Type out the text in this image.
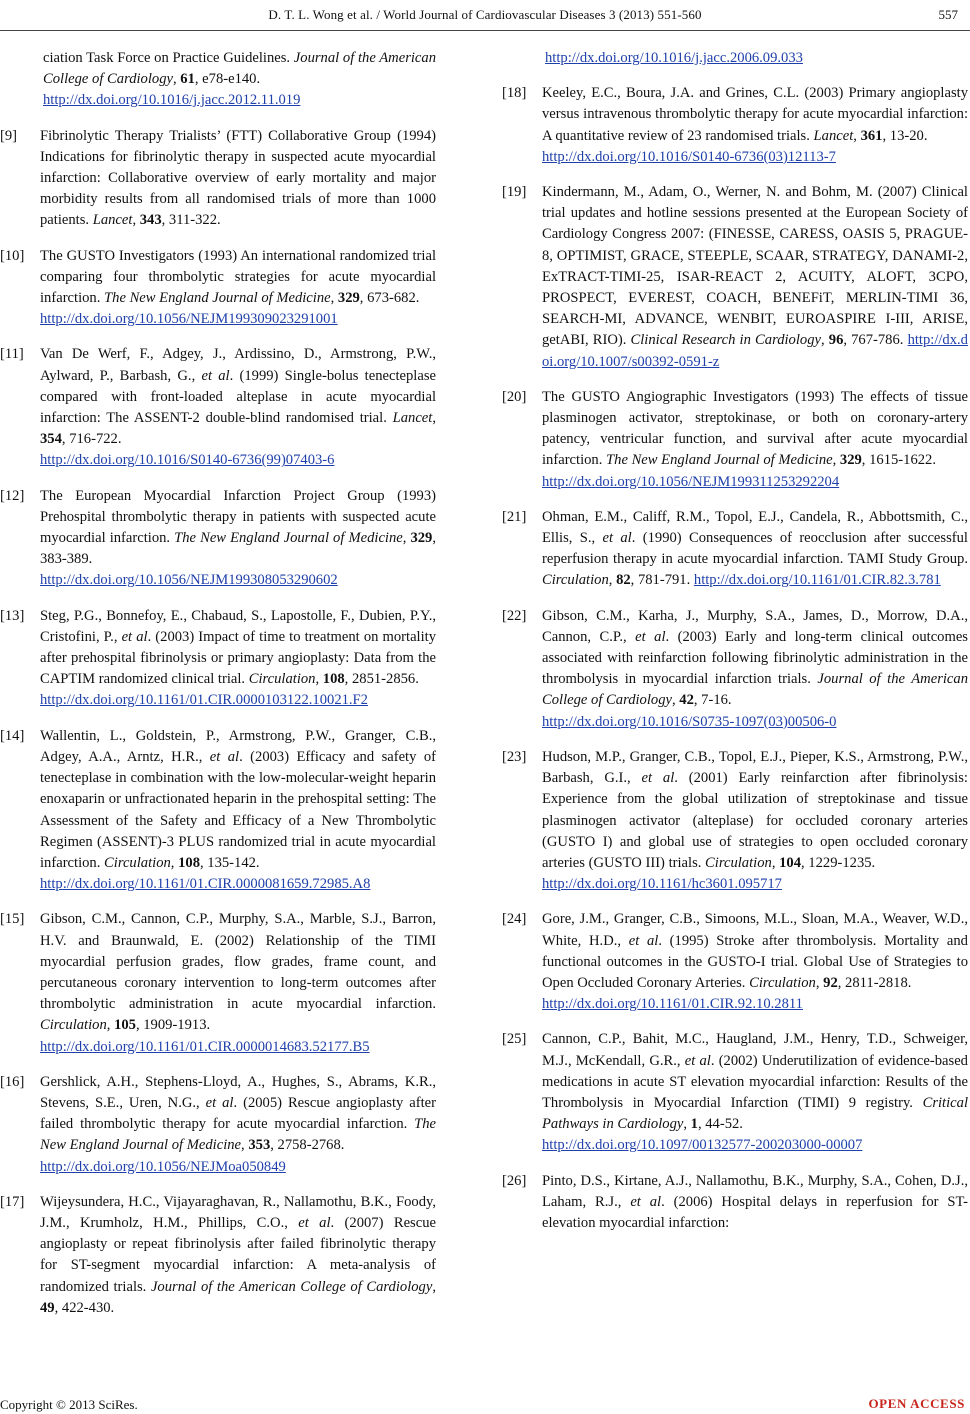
D. T. L. Wong et al. / World Journal of Cardiovascular Diseases 3 (2013) 551-560	557
ciation Task Force on Practice Guidelines. Journal of the American College of Cardiology, 61, e78-e140.
http://dx.doi.org/10.1016/j.jacc.2012.11.019
[9] Fibrinolytic Therapy Trialists’ (FTT) Collaborative Group (1994) Indications for fibrinolytic therapy in suspected acute myocardial infarction: Collaborative overview of early mortality and major morbidity results from all randomised trials of more than 1000 patients. Lancet, 343, 311-322.
[10] The GUSTO Investigators (1993) An international randomized trial comparing four thrombolytic strategies for acute myocardial infarction. The New England Journal of Medicine, 329, 673-682.
http://dx.doi.org/10.1056/NEJM199309023291001
[11] Van De Werf, F., Adgey, J., Ardissino, D., Armstrong, P.W., Aylward, P., Barbash, G., et al. (1999) Single-bolus tenecteplase compared with front-loaded alteplase in acute myocardial infarction: The ASSENT-2 double-blind randomised trial. Lancet, 354, 716-722.
http://dx.doi.org/10.1016/S0140-6736(99)07403-6
[12] The European Myocardial Infarction Project Group (1993) Prehospital thrombolytic therapy in patients with suspected acute myocardial infarction. The New England Journal of Medicine, 329, 383-389.
http://dx.doi.org/10.1056/NEJM199308053290602
[13] Steg, P.G., Bonnefoy, E., Chabaud, S., Lapostolle, F., Dubien, P.Y., Cristofini, P., et al. (2003) Impact of time to treatment on mortality after prehospital fibrinolysis or primary angioplasty: Data from the CAPTIM randomized clinical trial. Circulation, 108, 2851-2856.
http://dx.doi.org/10.1161/01.CIR.0000103122.10021.F2
[14] Wallentin, L., Goldstein, P., Armstrong, P.W., Granger, C.B., Adgey, A.A., Arntz, H.R., et al. (2003) Efficacy and safety of tenecteplase in combination with the low-molecular-weight heparin enoxaparin or unfractionated heparin in the prehospital setting: The Assessment of the Safety and Efficacy of a New Thrombolytic Regimen (ASSENT)-3 PLUS randomized trial in acute myocardial infarction. Circulation, 108, 135-142.
http://dx.doi.org/10.1161/01.CIR.0000081659.72985.A8
[15] Gibson, C.M., Cannon, C.P., Murphy, S.A., Marble, S.J., Barron, H.V. and Braunwald, E. (2002) Relationship of the TIMI myocardial perfusion grades, flow grades, frame count, and percutaneous coronary intervention to long-term outcomes after thrombolytic administration in acute myocardial infarction. Circulation, 105, 1909-1913.
http://dx.doi.org/10.1161/01.CIR.0000014683.52177.B5
[16] Gershlick, A.H., Stephens-Lloyd, A., Hughes, S., Abrams, K.R., Stevens, S.E., Uren, N.G., et al. (2005) Rescue angioplasty after failed thrombolytic therapy for acute myocardial infarction. The New England Journal of Medicine, 353, 2758-2768.
http://dx.doi.org/10.1056/NEJMoa050849
[17] Wijeysundera, H.C., Vijayaraghavan, R., Nallamothu, B.K., Foody, J.M., Krumholz, H.M., Phillips, C.O., et al. (2007) Rescue angioplasty or repeat fibrinolysis after failed fibrinolytic therapy for ST-segment myocardial infarction: A meta-analysis of randomized trials. Journal of the American College of Cardiology, 49, 422-430.
http://dx.doi.org/10.1016/j.jacc.2006.09.033
[18] Keeley, E.C., Boura, J.A. and Grines, C.L. (2003) Primary angioplasty versus intravenous thrombolytic therapy for acute myocardial infarction: A quantitative review of 23 randomised trials. Lancet, 361, 13-20.
http://dx.doi.org/10.1016/S0140-6736(03)12113-7
[19] Kindermann, M., Adam, O., Werner, N. and Bohm, M. (2007) Clinical trial updates and hotline sessions presented at the European Society of Cardiology Congress 2007: (FINESSE, CARESS, OASIS 5, PRAGUE-8, OPTIMIST, GRACE, STEEPLE, SCAAR, STRATEGY, DANAMI-2, ExTRACT-TIMI-25, ISAR-REACT 2, ACUITY, ALOFT, 3CPO, PROSPECT, EVEREST, COACH, BENEFiT, MERLIN-TIMI 36, SEARCH-MI, ADVANCE, WENBIT, EUROASPIRE I-III, ARISE, getABI, RIO). Clinical Research in Cardiology, 96, 767-786. http://dx.doi.org/10.1007/s00392-0591-z
[20] The GUSTO Angiographic Investigators (1993) The effects of tissue plasminogen activator, streptokinase, or both on coronary-artery patency, ventricular function, and survival after acute myocardial infarction. The New England Journal of Medicine, 329, 1615-1622.
http://dx.doi.org/10.1056/NEJM199311253292204
[21] Ohman, E.M., Califf, R.M., Topol, E.J., Candela, R., Abbottsmith, C., Ellis, S., et al. (1990) Consequences of reocclusion after successful reperfusion therapy in acute myocardial infarction. TAMI Study Group. Circulation, 82, 781-791. http://dx.doi.org/10.1161/01.CIR.82.3.781
[22] Gibson, C.M., Karha, J., Murphy, S.A., James, D., Morrow, D.A., Cannon, C.P., et al. (2003) Early and long-term clinical outcomes associated with reinfarction following fibrinolytic administration in the thrombolysis in myocardial infarction trials. Journal of the American College of Cardiology, 42, 7-16.
http://dx.doi.org/10.1016/S0735-1097(03)00506-0
[23] Hudson, M.P., Granger, C.B., Topol, E.J., Pieper, K.S., Armstrong, P.W., Barbash, G.I., et al. (2001) Early reinfarction after fibrinolysis: Experience from the global utilization of streptokinase and tissue plasminogen activator (alteplase) for occluded coronary arteries (GUSTO I) and global use of strategies to open occluded coronary arteries (GUSTO III) trials. Circulation, 104, 1229-1235.
http://dx.doi.org/10.1161/hc3601.095717
[24] Gore, J.M., Granger, C.B., Simoons, M.L., Sloan, M.A., Weaver, W.D., White, H.D., et al. (1995) Stroke after thrombolysis. Mortality and functional outcomes in the GUSTO-I trial. Global Use of Strategies to Open Occluded Coronary Arteries. Circulation, 92, 2811-2818.
http://dx.doi.org/10.1161/01.CIR.92.10.2811
[25] Cannon, C.P., Bahit, M.C., Haugland, J.M., Henry, T.D., Schweiger, M.J., McKendall, G.R., et al. (2002) Underutilization of evidence-based medications in acute ST elevation myocardial infarction: Results of the Thrombolysis in Myocardial Infarction (TIMI) 9 registry. Critical Pathways in Cardiology, 1, 44-52.
http://dx.doi.org/10.1097/00132577-200203000-00007
[26] Pinto, D.S., Kirtane, A.J., Nallamothu, B.K., Murphy, S.A., Cohen, D.J., Laham, R.J., et al. (2006) Hospital delays in reperfusion for ST-elevation myocardial infarction:
Copyright © 2013 SciRes.	OPEN ACCESS
